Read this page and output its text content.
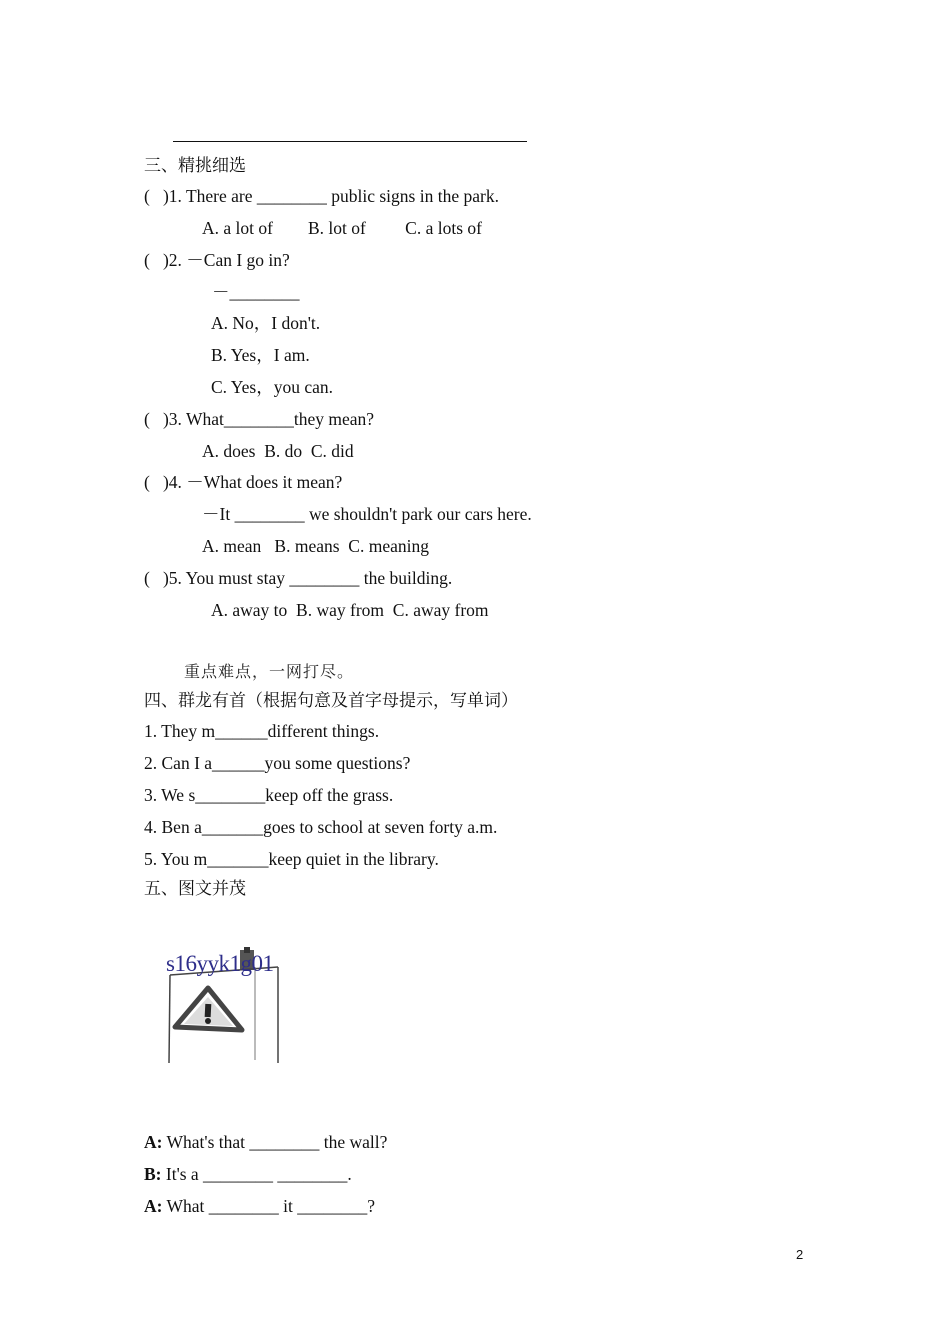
三、精挑细选
(   )1. There are ________ public signs in the park.
A. a lot of        B. lot of         C. a lots of
(   )2. －Can I go in?
－________
A. No，I don't.
B. Yes，I am.
C. Yes，you can.
(   )3. What________they mean?
A. does  B. do  C. did
(   )4. －What does it mean?
－It ________ we shouldn't park our cars here.
A. mean   B. means  C. meaning
(   )5. You must stay ________ the building.
A. away to  B. way from  C. away from
重点难点，一网打尽。
四、群龙有首（根据句意及首字母提示，写单词）
1. They m______different things.
2. Can I a______you some questions?
3. We s________keep off the grass.
4. Ben a_______goes to school at seven forty a.m.
5. You m_______keep quiet in the library.
五、图文并茂
s16yyk1g01
A: What's that ________ the wall?
B: It's a ________ ________.
A: What ________ it ________?
2
